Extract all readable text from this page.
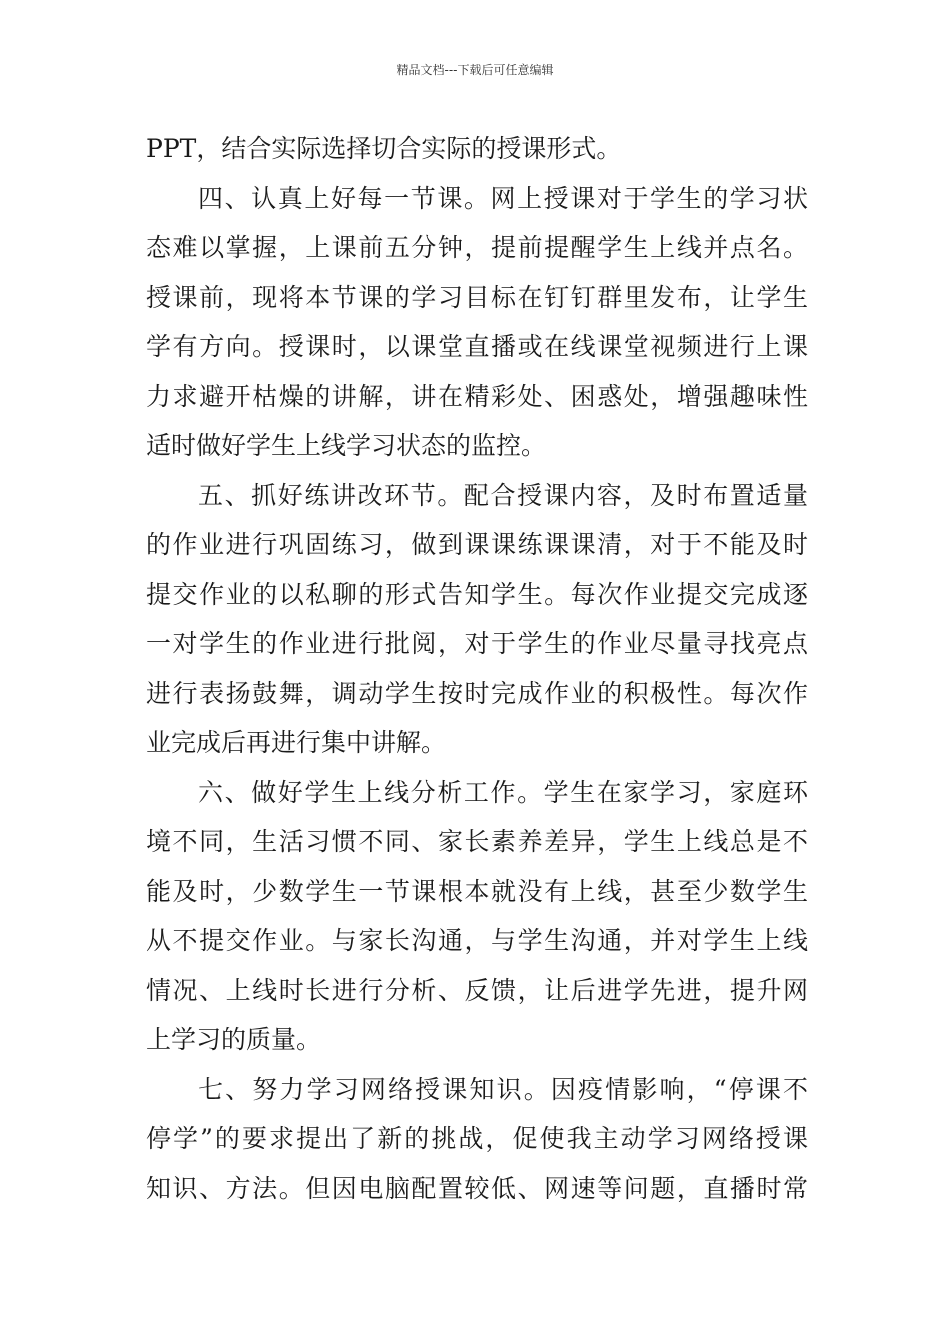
精品文档---下载后可任意编辑
PPT，结合实际选择切合实际的授课形式。
四、认真上好每一节课。网上授课对于学生的学习状
态难以掌握，上课前五分钟，提前提醒学生上线并点名。
授课前，现将本节课的学习目标在钉钉群里发布，让学生
学有方向。授课时，以课堂直播或在线课堂视频进行上课
力求避开枯燥的讲解，讲在精彩处、困惑处，增强趣味性
适时做好学生上线学习状态的监控。
五、抓好练讲改环节。配合授课内容，及时布置适量
的作业进行巩固练习，做到课课练课课清，对于不能及时
提交作业的以私聊的形式告知学生。每次作业提交完成逐
一对学生的作业进行批阅，对于学生的作业尽量寻找亮点
进行表扬鼓舞，调动学生按时完成作业的积极性。每次作
业完成后再进行集中讲解。
六、做好学生上线分析工作。学生在家学习，家庭环
境不同，生活习惯不同、家长素养差异，学生上线总是不
能及时，少数学生一节课根本就没有上线，甚至少数学生
从不提交作业。与家长沟通，与学生沟通，并对学生上线
情况、上线时长进行分析、反馈，让后进学先进，提升网
上学习的质量。
七、努力学习网络授课知识。因疫情影响，“停课不
停学”的要求提出了新的挑战，促使我主动学习网络授课
知识、方法。但因电脑配置较低、网速等问题，直播时常
